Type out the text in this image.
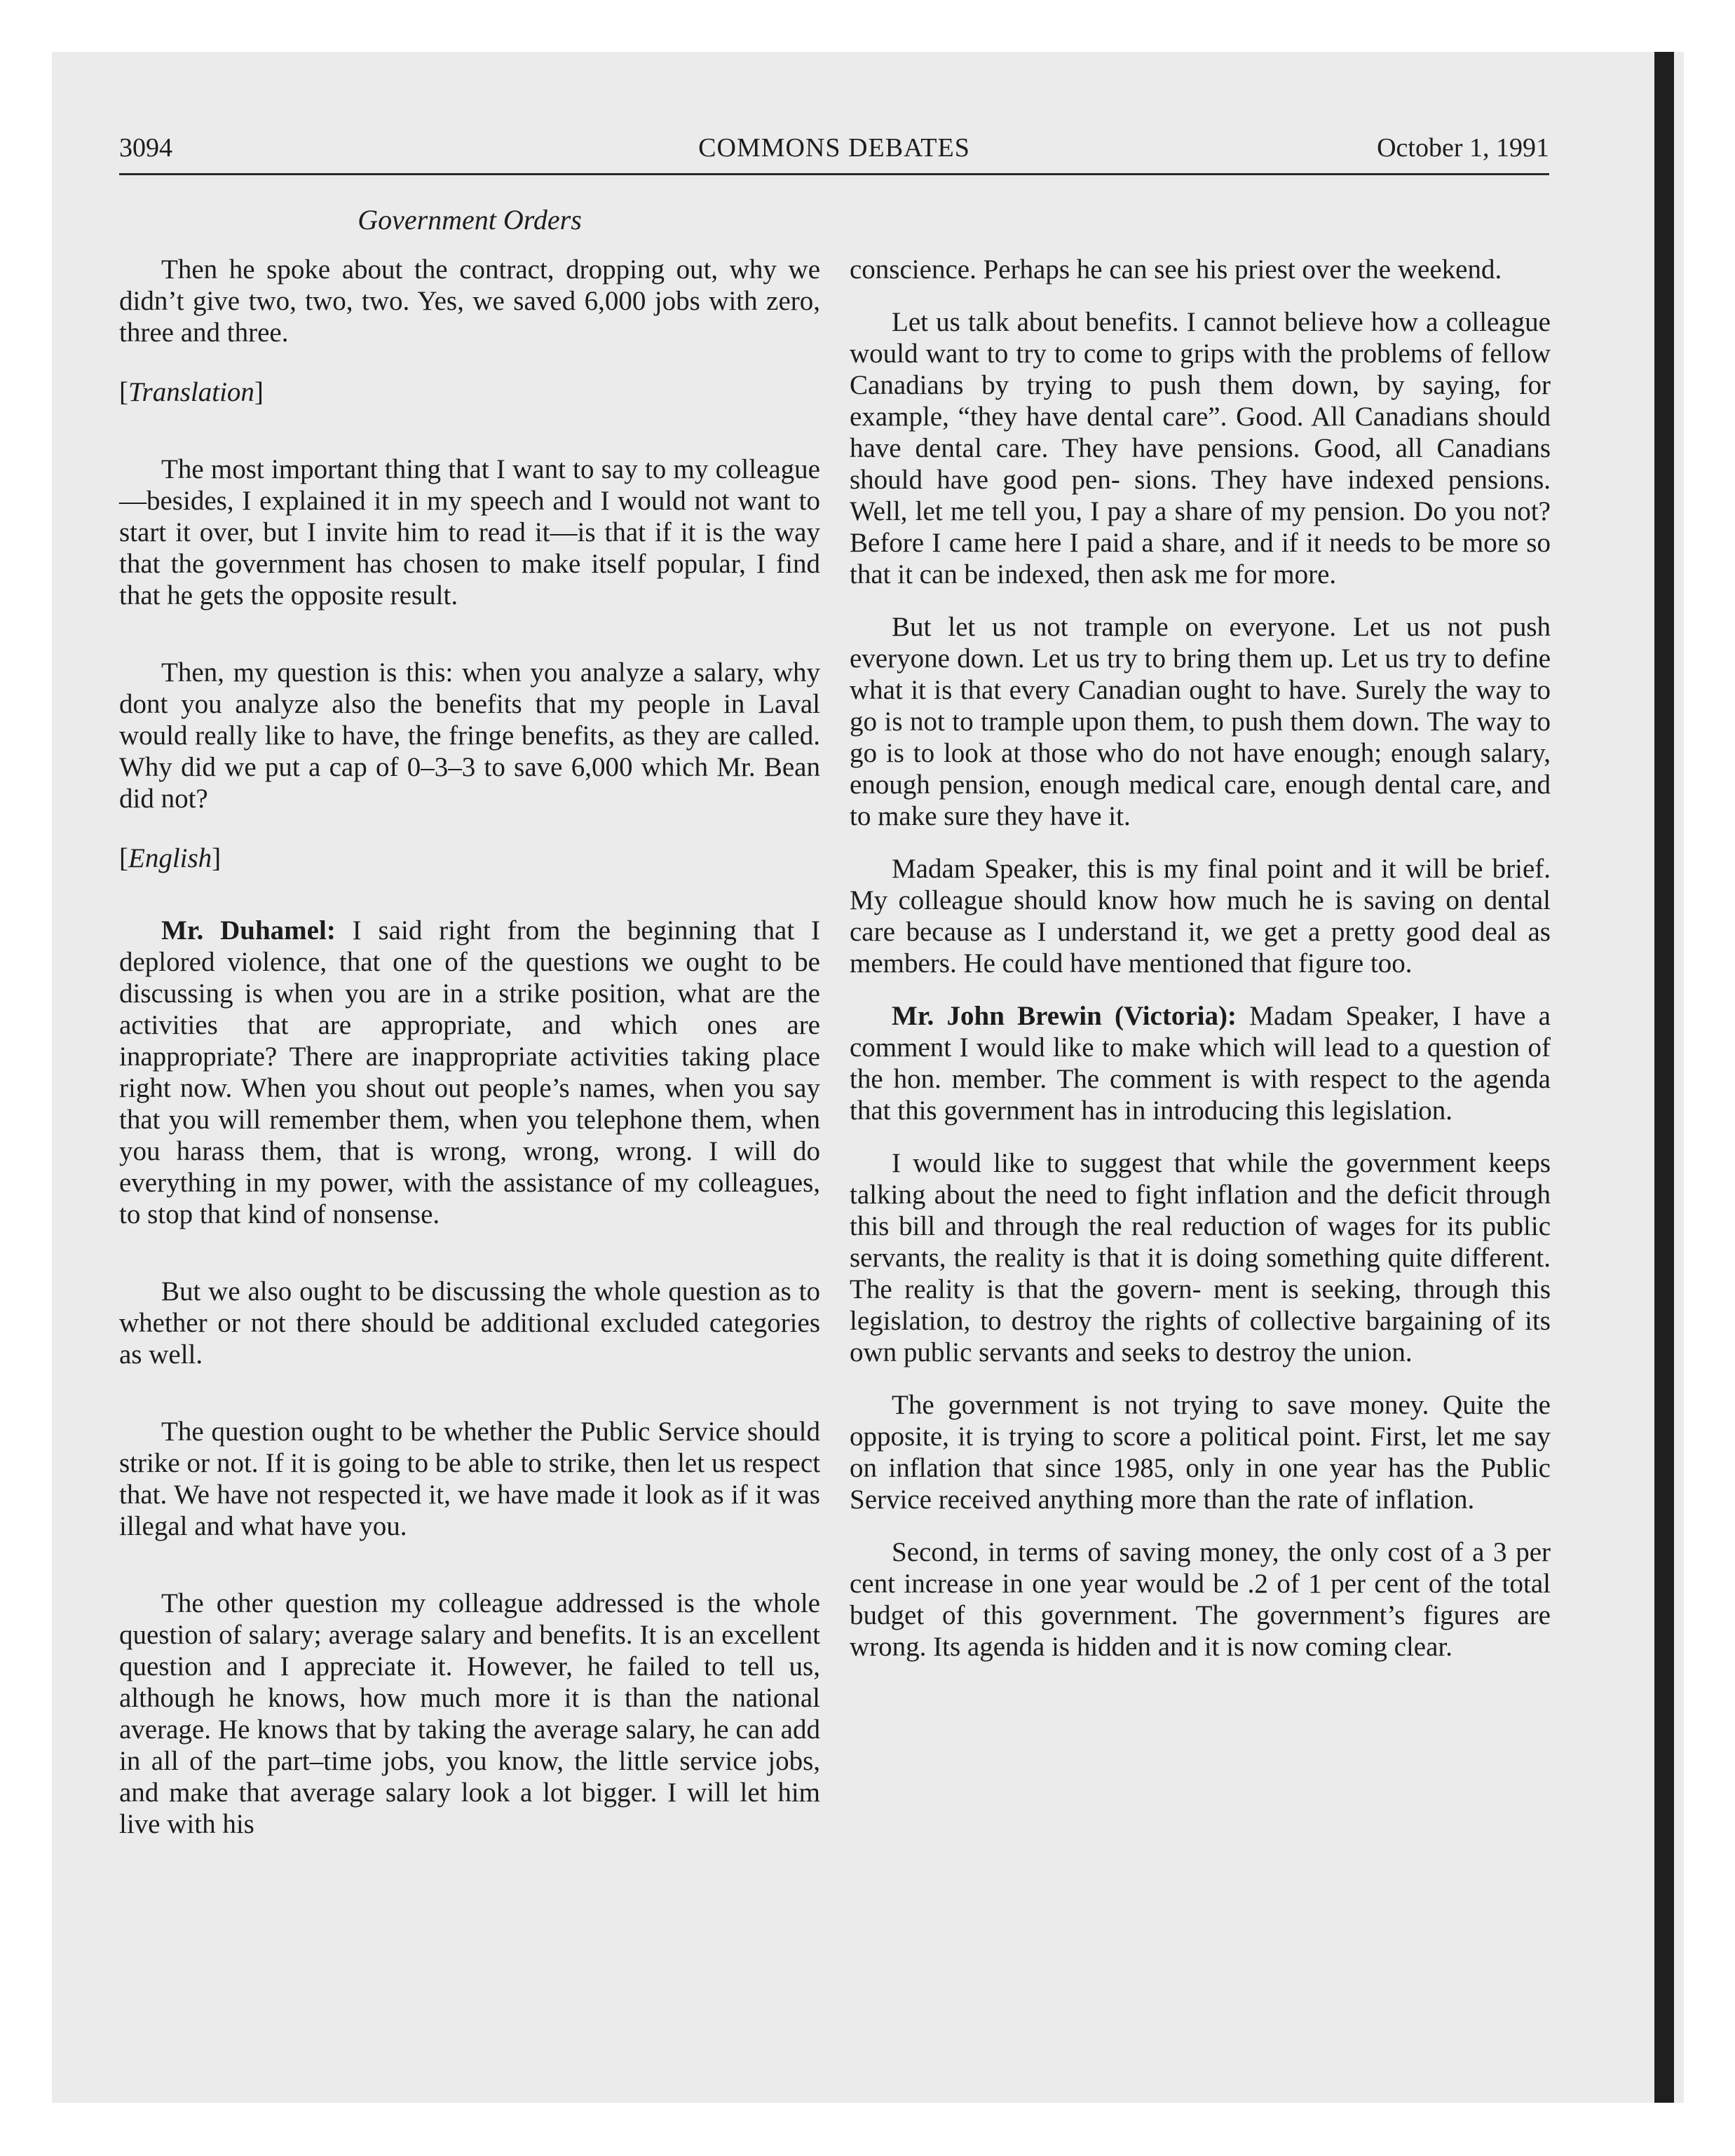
3094	COMMONS DEBATES	October 1, 1991
Government Orders

Then he spoke about the contract, dropping out, why we didn’t give two, two, two. Yes, we saved 6,000 jobs with zero, three and three.

[Translation]

The most important thing that I want to say to my colleague—besides, I explained it in my speech and I would not want to start it over, but I invite him to read it—is that if it is the way that the government has chosen to make itself popular, I find that he gets the opposite result.

Then, my question is this: when you analyze a salary, why dont you analyze also the benefits that my people in Laval would really like to have, the fringe benefits, as they are called. Why did we put a cap of 0–3–3 to save 6,000 which Mr. Bean did not?

[English]

Mr. Duhamel: I said right from the beginning that I deplored violence, that one of the questions we ought to be discussing is when you are in a strike position, what are the activities that are appropriate, and which ones are inappropriate? There are inappropriate activities taking place right now. When you shout out people’s names, when you say that you will remember them, when you telephone them, when you harass them, that is wrong, wrong, wrong. I will do everything in my power, with the assistance of my colleagues, to stop that kind of nonsense.

But we also ought to be discussing the whole question as to whether or not there should be additional excluded categories as well.

The question ought to be whether the Public Service should strike or not. If it is going to be able to strike, then let us respect that. We have not respected it, we have made it look as if it was illegal and what have you.

The other question my colleague addressed is the whole question of salary; average salary and benefits. It is an excellent question and I appreciate it. However, he failed to tell us, although he knows, how much more it is than the national average. He knows that by taking the average salary, he can add in all of the part–time jobs, you know, the little service jobs, and make that average salary look a lot bigger. I will let him live with his

conscience. Perhaps he can see his priest over the weekend.

Let us talk about benefits. I cannot believe how a colleague would want to try to come to grips with the problems of fellow Canadians by trying to push them down, by saying, for example, “they have dental care”. Good. All Canadians should have dental care. They have pensions. Good, all Canadians should have good pen- sions. They have indexed pensions. Well, let me tell you, I pay a share of my pension. Do you not? Before I came here I paid a share, and if it needs to be more so that it can be indexed, then ask me for more.

But let us not trample on everyone. Let us not push everyone down. Let us try to bring them up. Let us try to define what it is that every Canadian ought to have. Surely the way to go is not to trample upon them, to push them down. The way to go is to look at those who do not have enough; enough salary, enough pension, enough medical care, enough dental care, and to make sure they have it.

Madam Speaker, this is my final point and it will be brief. My colleague should know how much he is saving on dental care because as I understand it, we get a pretty good deal as members. He could have mentioned that figure too.

Mr. John Brewin (Victoria): Madam Speaker, I have a comment I would like to make which will lead to a question of the hon. member. The comment is with respect to the agenda that this government has in introducing this legislation.

I would like to suggest that while the government keeps talking about the need to fight inflation and the deficit through this bill and through the real reduction of wages for its public servants, the reality is that it is doing something quite different. The reality is that the govern- ment is seeking, through this legislation, to destroy the rights of collective bargaining of its own public servants and seeks to destroy the union.

The government is not trying to save money. Quite the opposite, it is trying to score a political point. First, let me say on inflation that since 1985, only in one year has the Public Service received anything more than the rate of inflation.

Second, in terms of saving money, the only cost of a 3 per cent increase in one year would be .2 of 1 per cent of the total budget of this government. The government’s figures are wrong. Its agenda is hidden and it is now coming clear.
